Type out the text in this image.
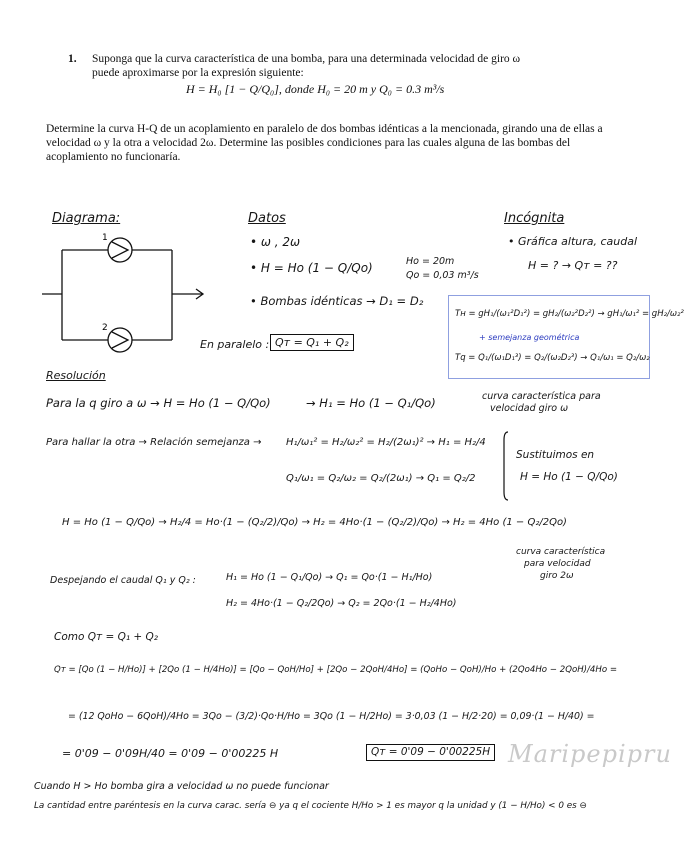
1. Suponga que la curva característica de una bomba, para una determinada velocidad de giro ω
puede aproximarse por la expresión siguiente:
H = H₀ [1 − Q/Q₀], donde H₀ = 20 m y Q₀ = 0.3 m³/s
Determine la curva H-Q de un acoplamiento en paralelo de dos bombas idénticas a la mencionada, girando una de ellas a velocidad ω y la otra a velocidad 2ω. Determine las posibles condiciones para las cuales alguna de las bombas del acoplamiento no funcionaría.
Diagrama:
1
2
En paralelo : Qᴛ = Q₁ + Q₂
Datos
• ω , 2ω
• H = Ho (1 − Q/Qo)	Ho = 20m
Qo = 0,03 m³/s
• Bombas idénticas → D₁ = D₂
Incógnita
• Gráfica altura, caudal
H = ? → Qᴛ = ??
Tн = gH₁/(ω₁²D₁²) = gH₂/(ω₂²D₂²) → gH₁/ω₁² = gH₂/ω₂²
+ semejanza geométrica
Tq = Q₁/(ω₁D₁³) = Q₂/(ω₂D₂³) → Q₁/ω₁ = Q₂/ω₂
Resolución
Para la q giro a ω → H = Ho (1 − Q/Qo)	→ H₁ = Ho (1 − Q₁/Qo)	curva característica para
velocidad giro ω
Para hallar la otra → Relación semejanza → H₁/ω₁² = H₂/ω₂² = H₂/(2ω₁)² → H₁ = H₂/4
Q₁/ω₁ = Q₂/ω₂ = Q₂/(2ω₁) → Q₁ = Q₂/2
Sustituimos en
H = Ho (1 − Q/Qo)
H = Ho (1 − Q/Qo) → H₂/4 = Ho·(1 − (Q₂/2)/Qo) → H₂ = 4Ho·(1 − (Q₂/2)/Qo) → H₂ = 4Ho (1 − Q₂/2Qo)
curva característica
para velocidad
giro 2ω
Despejando el caudal Q₁ y Q₂ :	H₁ = Ho (1 − Q₁/Qo) → Q₁ = Qo·(1 − H₁/Ho)
H₂ = 4Ho·(1 − Q₂/2Qo) → Q₂ = 2Qo·(1 − H₂/4Ho)
Como Qᴛ = Q₁ + Q₂
Qᴛ = [Qo (1 − H/Ho)] + [2Qo (1 − H/4Ho)] = [Qo − QoH/Ho] + [2Qo − 2QoH/4Ho] = (QoHo − QoH)/Ho + (2Qo4Ho − 2QoH)/4Ho =
= (12 QoHo − 6QoH)/4Ho = 3Qo − (3/2)·Qo·H/Ho = 3Qo (1 − H/2Ho) = 3·0,03 (1 − H/2·20) = 0,09·(1 − H/40) =
= 0'09 − 0'09H/40 = 0'09 − 0'00225 H	Qᴛ = 0'09 − 0'00225H Maripepipru
Cuando H > Ho bomba gira a velocidad ω no puede funcionar
La cantidad entre paréntesis en la curva carac. sería ⊖ ya q el cociente H/Ho > 1 es mayor q la unidad y (1 − H/Ho) < 0 es ⊖
